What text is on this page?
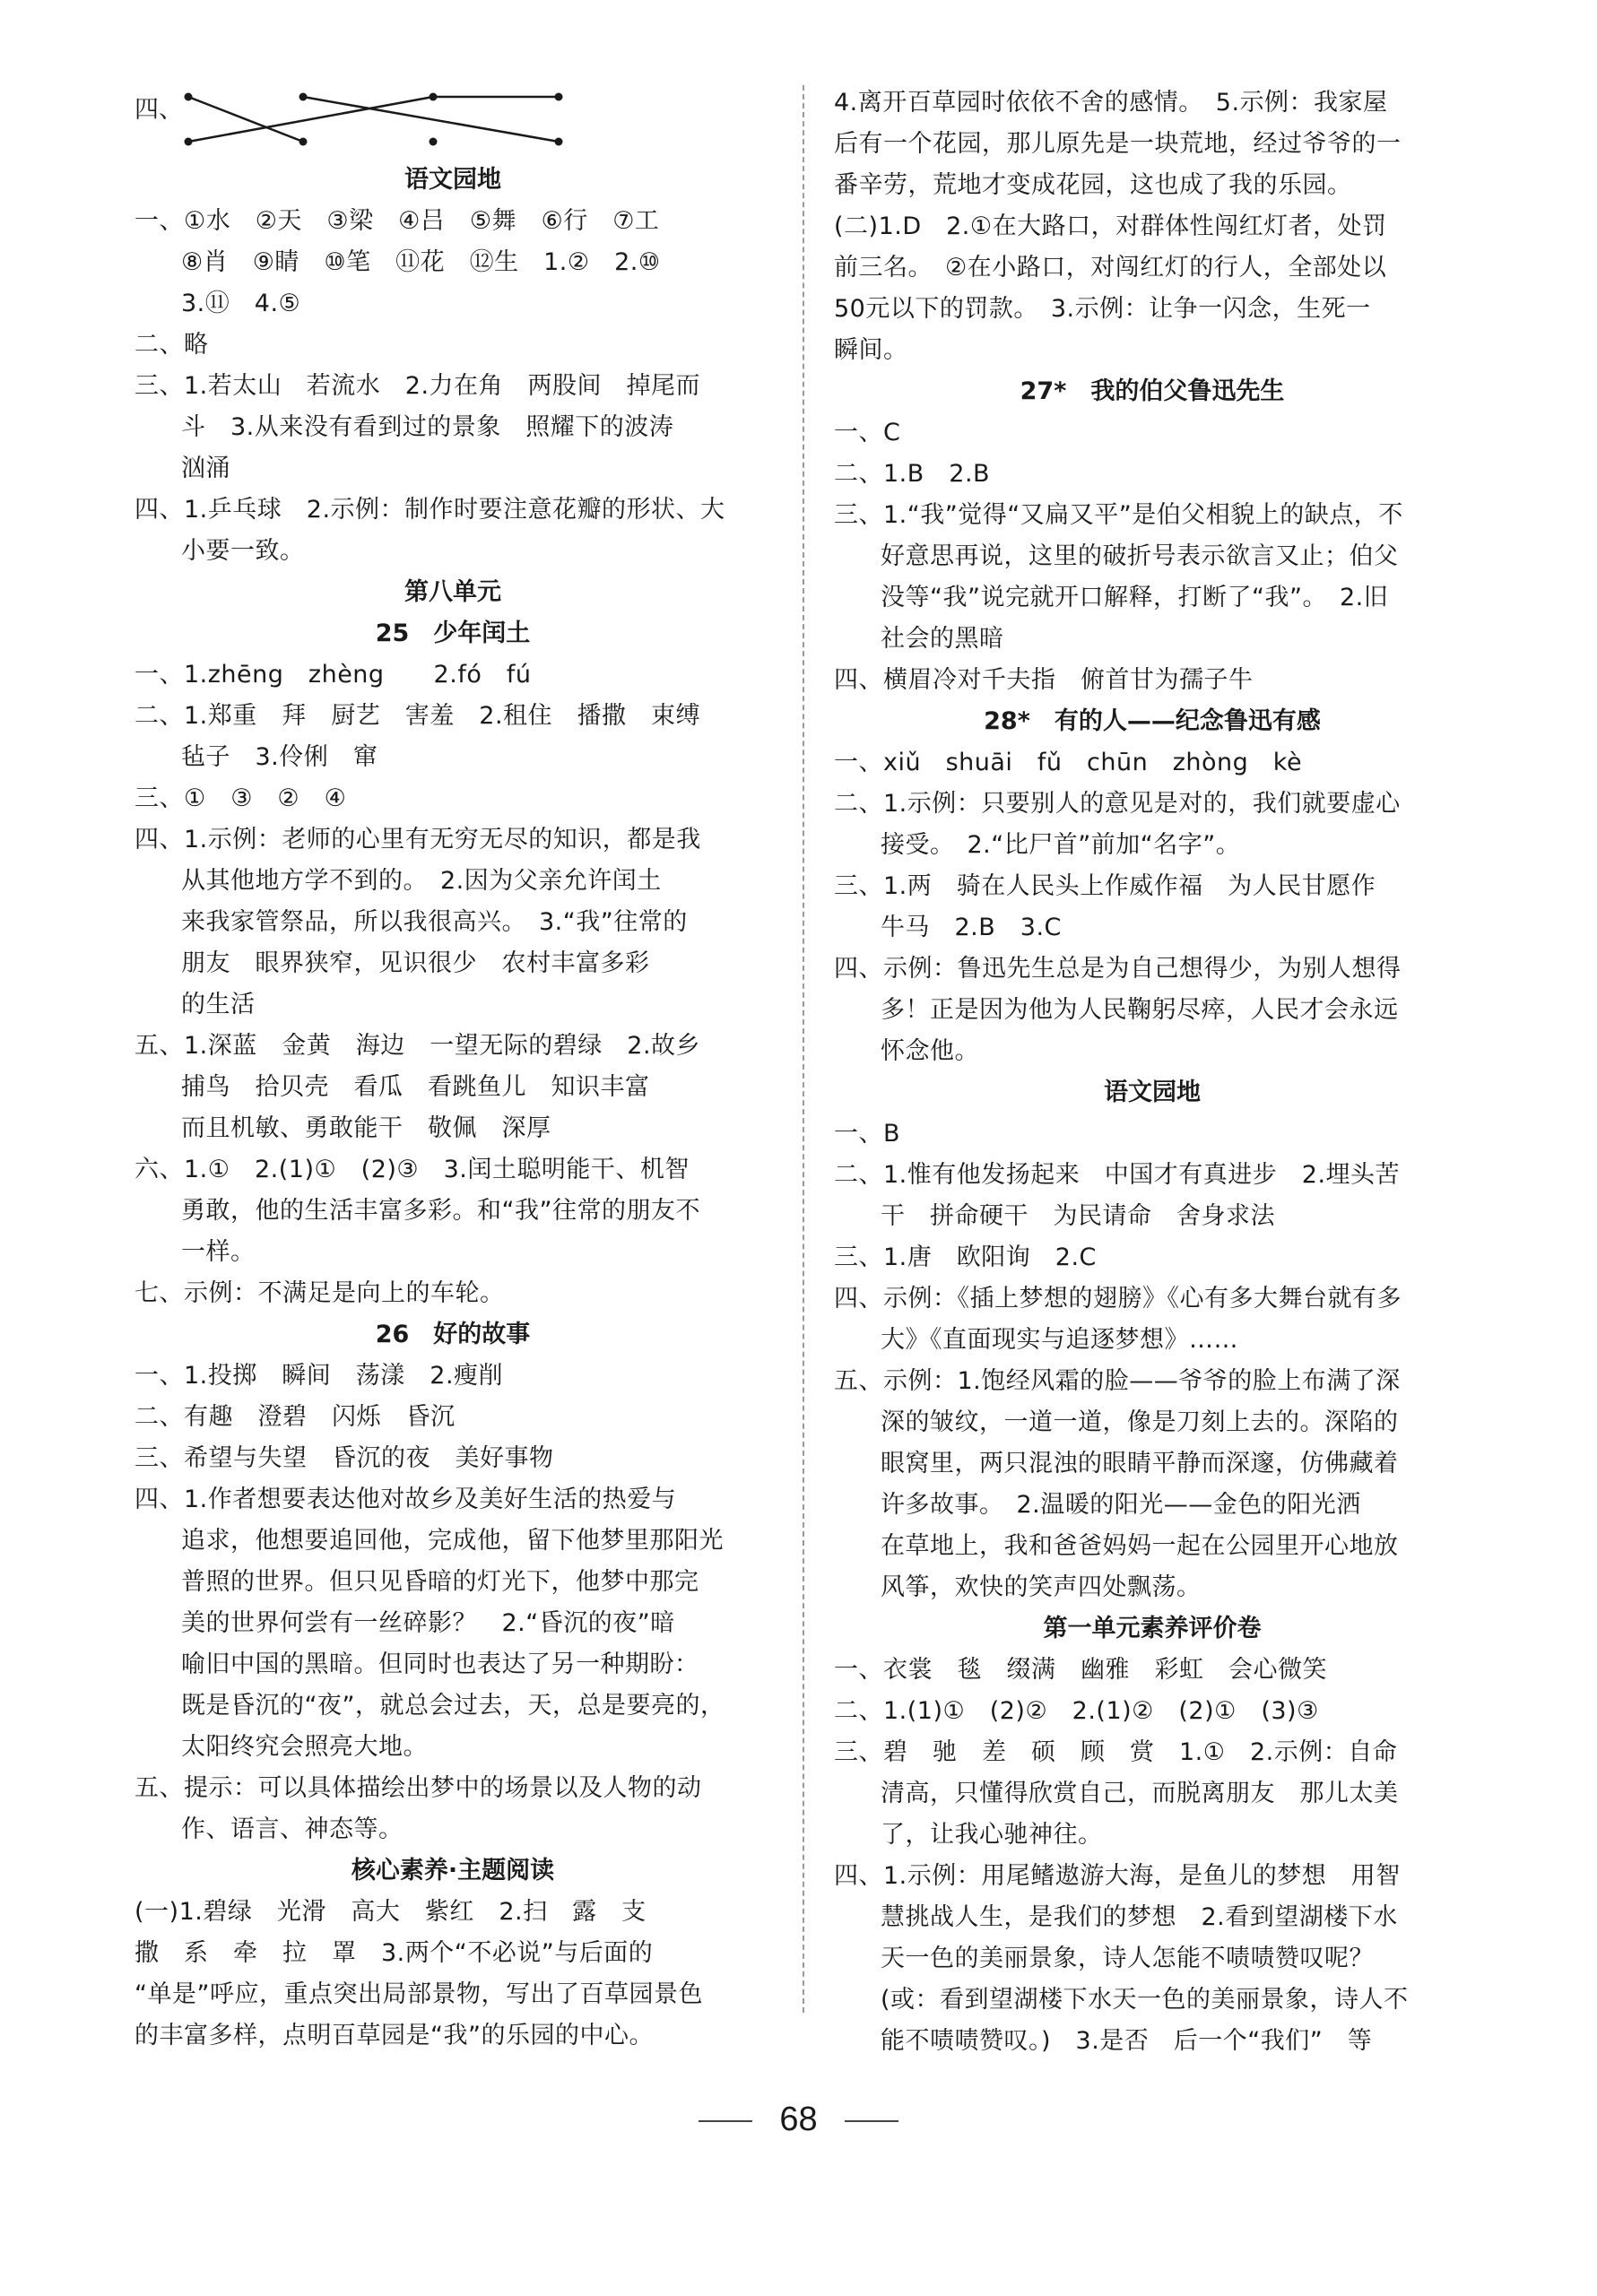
四、
语文园地
一、①水　②天　③梁　④吕　⑤舞　⑥行　⑦工
⑧肖　⑨睛　⑩笔　⑪花　⑫生　1.②　2.⑩
3.⑪　4.⑤
二、略
三、1.若太山　若流水　2.力在角　两股间　掉尾而
斗　3.从来没有看到过的景象　照耀下的波涛
汹涌
四、1.乒乓球　2.示例：制作时要注意花瓣的形状、大
小要一致。
第八单元
25　少年闰土
一、1.zhēng　zhèng　　2.fó　fú
二、1.郑重　拜　厨艺　害羞　2.租住　播撒　束缚
毡子　3.伶俐　窜
三、①　③　②　④
四、1.示例：老师的心里有无穷无尽的知识，都是我
从其他地方学不到的。　2.因为父亲允许闰土
来我家管祭品，所以我很高兴。　3.“我”往常的
朋友　眼界狭窄，见识很少　农村丰富多彩
的生活
五、1.深蓝　金黄　海边　一望无际的碧绿　2.故乡
捕鸟　拾贝壳　看瓜　看跳鱼儿　知识丰富
而且机敏、勇敢能干　敬佩　深厚
六、1.①　2.(1)①　(2)③　3.闰土聪明能干、机智
勇敢，他的生活丰富多彩。和“我”往常的朋友不
一样。
七、示例：不满足是向上的车轮。
26　好的故事
一、1.投掷　瞬间　荡漾　2.瘦削
二、有趣　澄碧　闪烁　昏沉
三、希望与失望　昏沉的夜　美好事物
四、1.作者想要表达他对故乡及美好生活的热爱与
追求，他想要追回他，完成他，留下他梦里那阳光
普照的世界。但只见昏暗的灯光下，他梦中那完
美的世界何尝有一丝碎影？　2.“昏沉的夜”暗
喻旧中国的黑暗。但同时也表达了另一种期盼：
既是昏沉的“夜”，就总会过去，天，总是要亮的，
太阳终究会照亮大地。
五、提示：可以具体描绘出梦中的场景以及人物的动
作、语言、神态等。
核心素养·主题阅读
(一)1.碧绿　光滑　高大　紫红　2.扫　露　支
撒　系　牵　拉　罩　3.两个“不必说”与后面的
“单是”呼应，重点突出局部景物，写出了百草园景色
的丰富多样，点明百草园是“我”的乐园的中心。
4.离开百草园时依依不舍的感情。　5.示例：我家屋
后有一个花园，那儿原先是一块荒地，经过爷爷的一
番辛劳，荒地才变成花园，这也成了我的乐园。
(二)1.D　2.①在大路口，对群体性闯红灯者，处罚
前三名。　②在小路口，对闯红灯的行人，全部处以
50元以下的罚款。　3.示例：让争一闪念，生死一
瞬间。
27*　我的伯父鲁迅先生
一、C
二、1.B　2.B
三、1.“我”觉得“又扁又平”是伯父相貌上的缺点，不
好意思再说，这里的破折号表示欲言又止；伯父
没等“我”说完就开口解释，打断了“我”。　2.旧
社会的黑暗
四、横眉冷对千夫指　俯首甘为孺子牛
28*　有的人——纪念鲁迅有感
一、xiǔ　shuāi　fǔ　chūn　zhòng　kè
二、1.示例：只要别人的意见是对的，我们就要虚心
接受。　2.“比尸首”前加“名字”。
三、1.两　骑在人民头上作威作福　为人民甘愿作
牛马　2.B　3.C
四、示例：鲁迅先生总是为自己想得少，为别人想得
多！正是因为他为人民鞠躬尽瘁，人民才会永远
怀念他。
语文园地
一、B
二、1.惟有他发扬起来　中国才有真进步　2.埋头苦
干　拼命硬干　为民请命　舍身求法
三、1.唐　欧阳询　2.C
四、示例：《插上梦想的翅膀》《心有多大舞台就有多
大》《直面现实与追逐梦想》……
五、示例：1.饱经风霜的脸——爷爷的脸上布满了深
深的皱纹，一道一道，像是刀刻上去的。深陷的
眼窝里，两只混浊的眼睛平静而深邃，仿佛藏着
许多故事。　2.温暖的阳光——金色的阳光洒
在草地上，我和爸爸妈妈一起在公园里开心地放
风筝，欢快的笑声四处飘荡。
第一单元素养评价卷
一、衣裳　毯　缀满　幽雅　彩虹　会心微笑
二、1.(1)①　(2)②　2.(1)②　(2)①　(3)③
三、碧　驰　差　硕　顾　赏　1.①　2.示例：自命
清高，只懂得欣赏自己，而脱离朋友　那儿太美
了，让我心驰神往。
四、1.示例：用尾鳍遨游大海，是鱼儿的梦想　用智
慧挑战人生，是我们的梦想　2.看到望湖楼下水
天一色的美丽景象，诗人怎能不啧啧赞叹呢？
(或：看到望湖楼下水天一色的美丽景象，诗人不
能不啧啧赞叹。)　3.是否　后一个“我们”　等
68
